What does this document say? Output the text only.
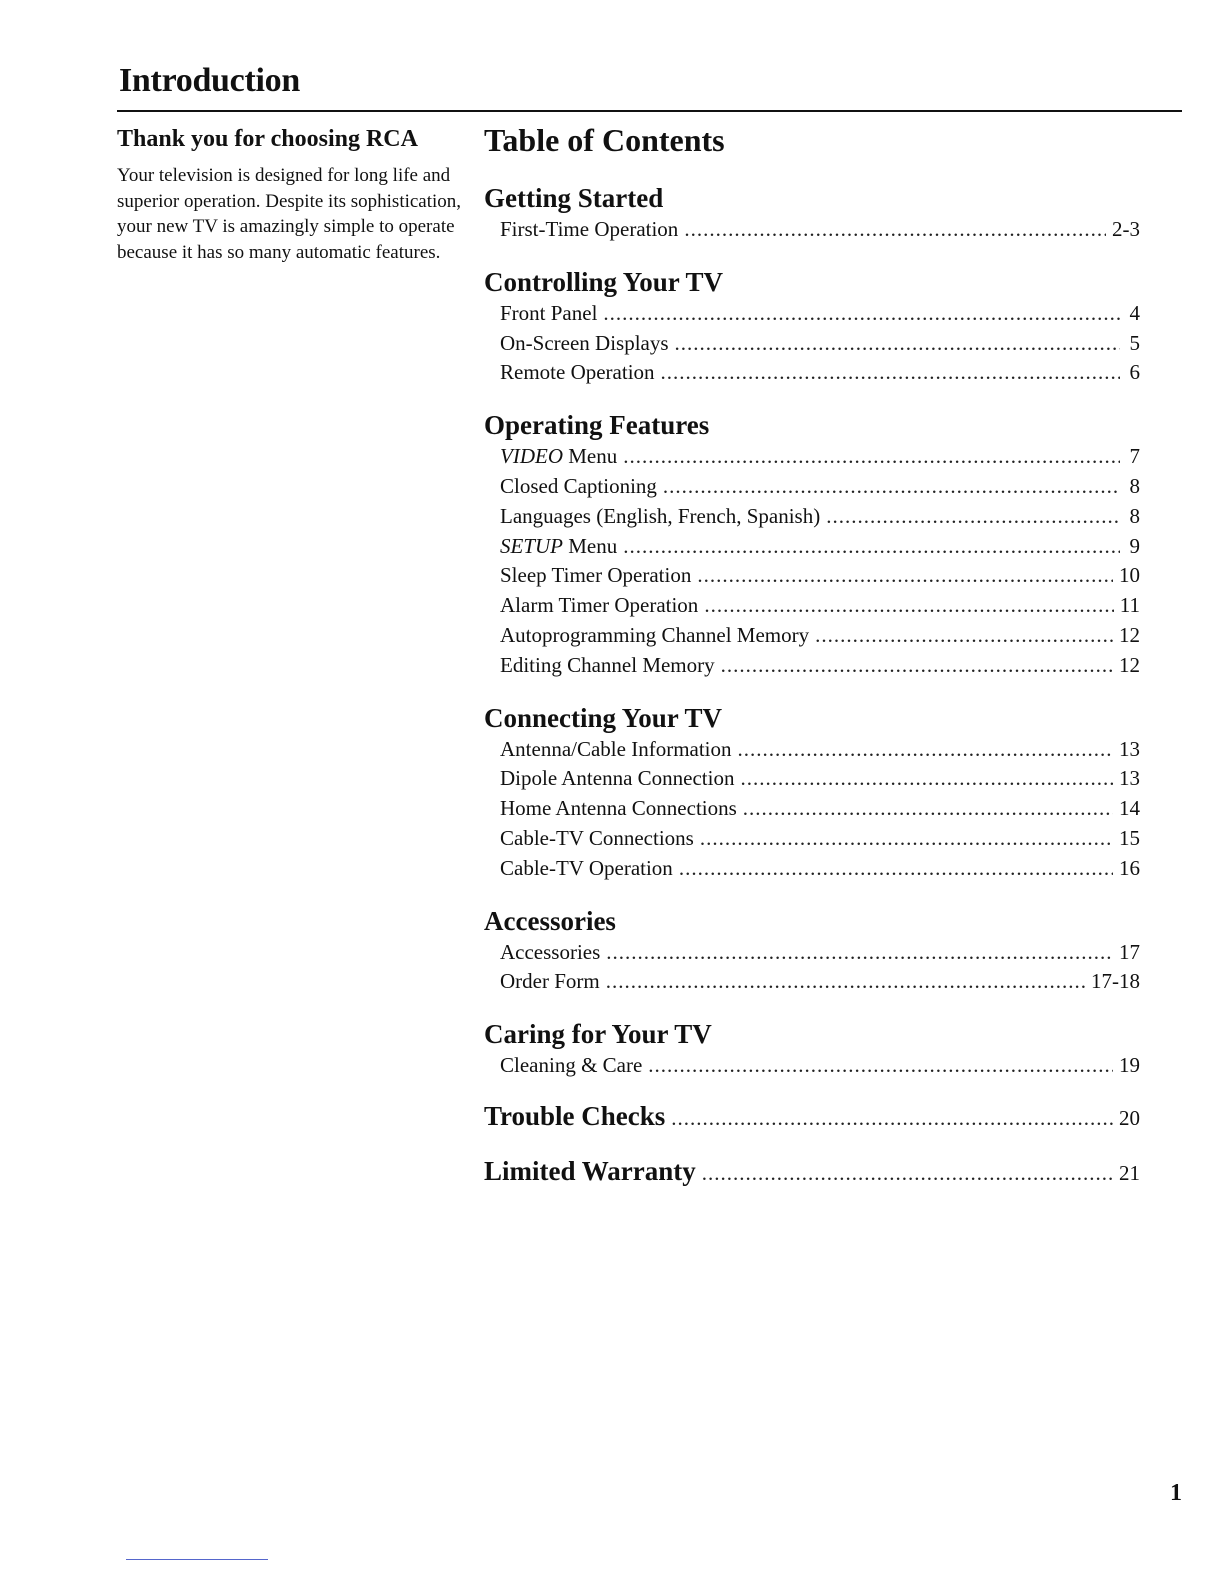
Introduction
Thank you for choosing RCA

Your television is designed for long life and superior operation. Despite its sophistication, your new TV is amazingly simple to operate because it has so many automatic features.

Table of Contents
Getting Started
First-Time Operation .....	2-3
Controlling Your TV
Front Panel .....	4
On-Screen Displays .....	5
Remote Operation .....	6
Operating Features
VIDEO Menu .....	7
Closed Captioning .....	8
Languages (English, French, Spanish) .....	8
SETUP Menu .....	9
Sleep Timer Operation .....	10
Alarm Timer Operation .....	11
Autoprogramming Channel Memory .....	12
Editing Channel Memory .....	12
Connecting Your TV
Antenna/Cable Information .....	13
Dipole Antenna Connection .....	13
Home Antenna Connections .....	14
Cable-TV Connections .....	15
Cable-TV Operation .....	16
Accessories
Accessories .....	17
Order Form .....	17-18
Caring for Your TV
Cleaning & Care .....	19
Trouble Checks .....	20
Limited Warranty .....	21
1
